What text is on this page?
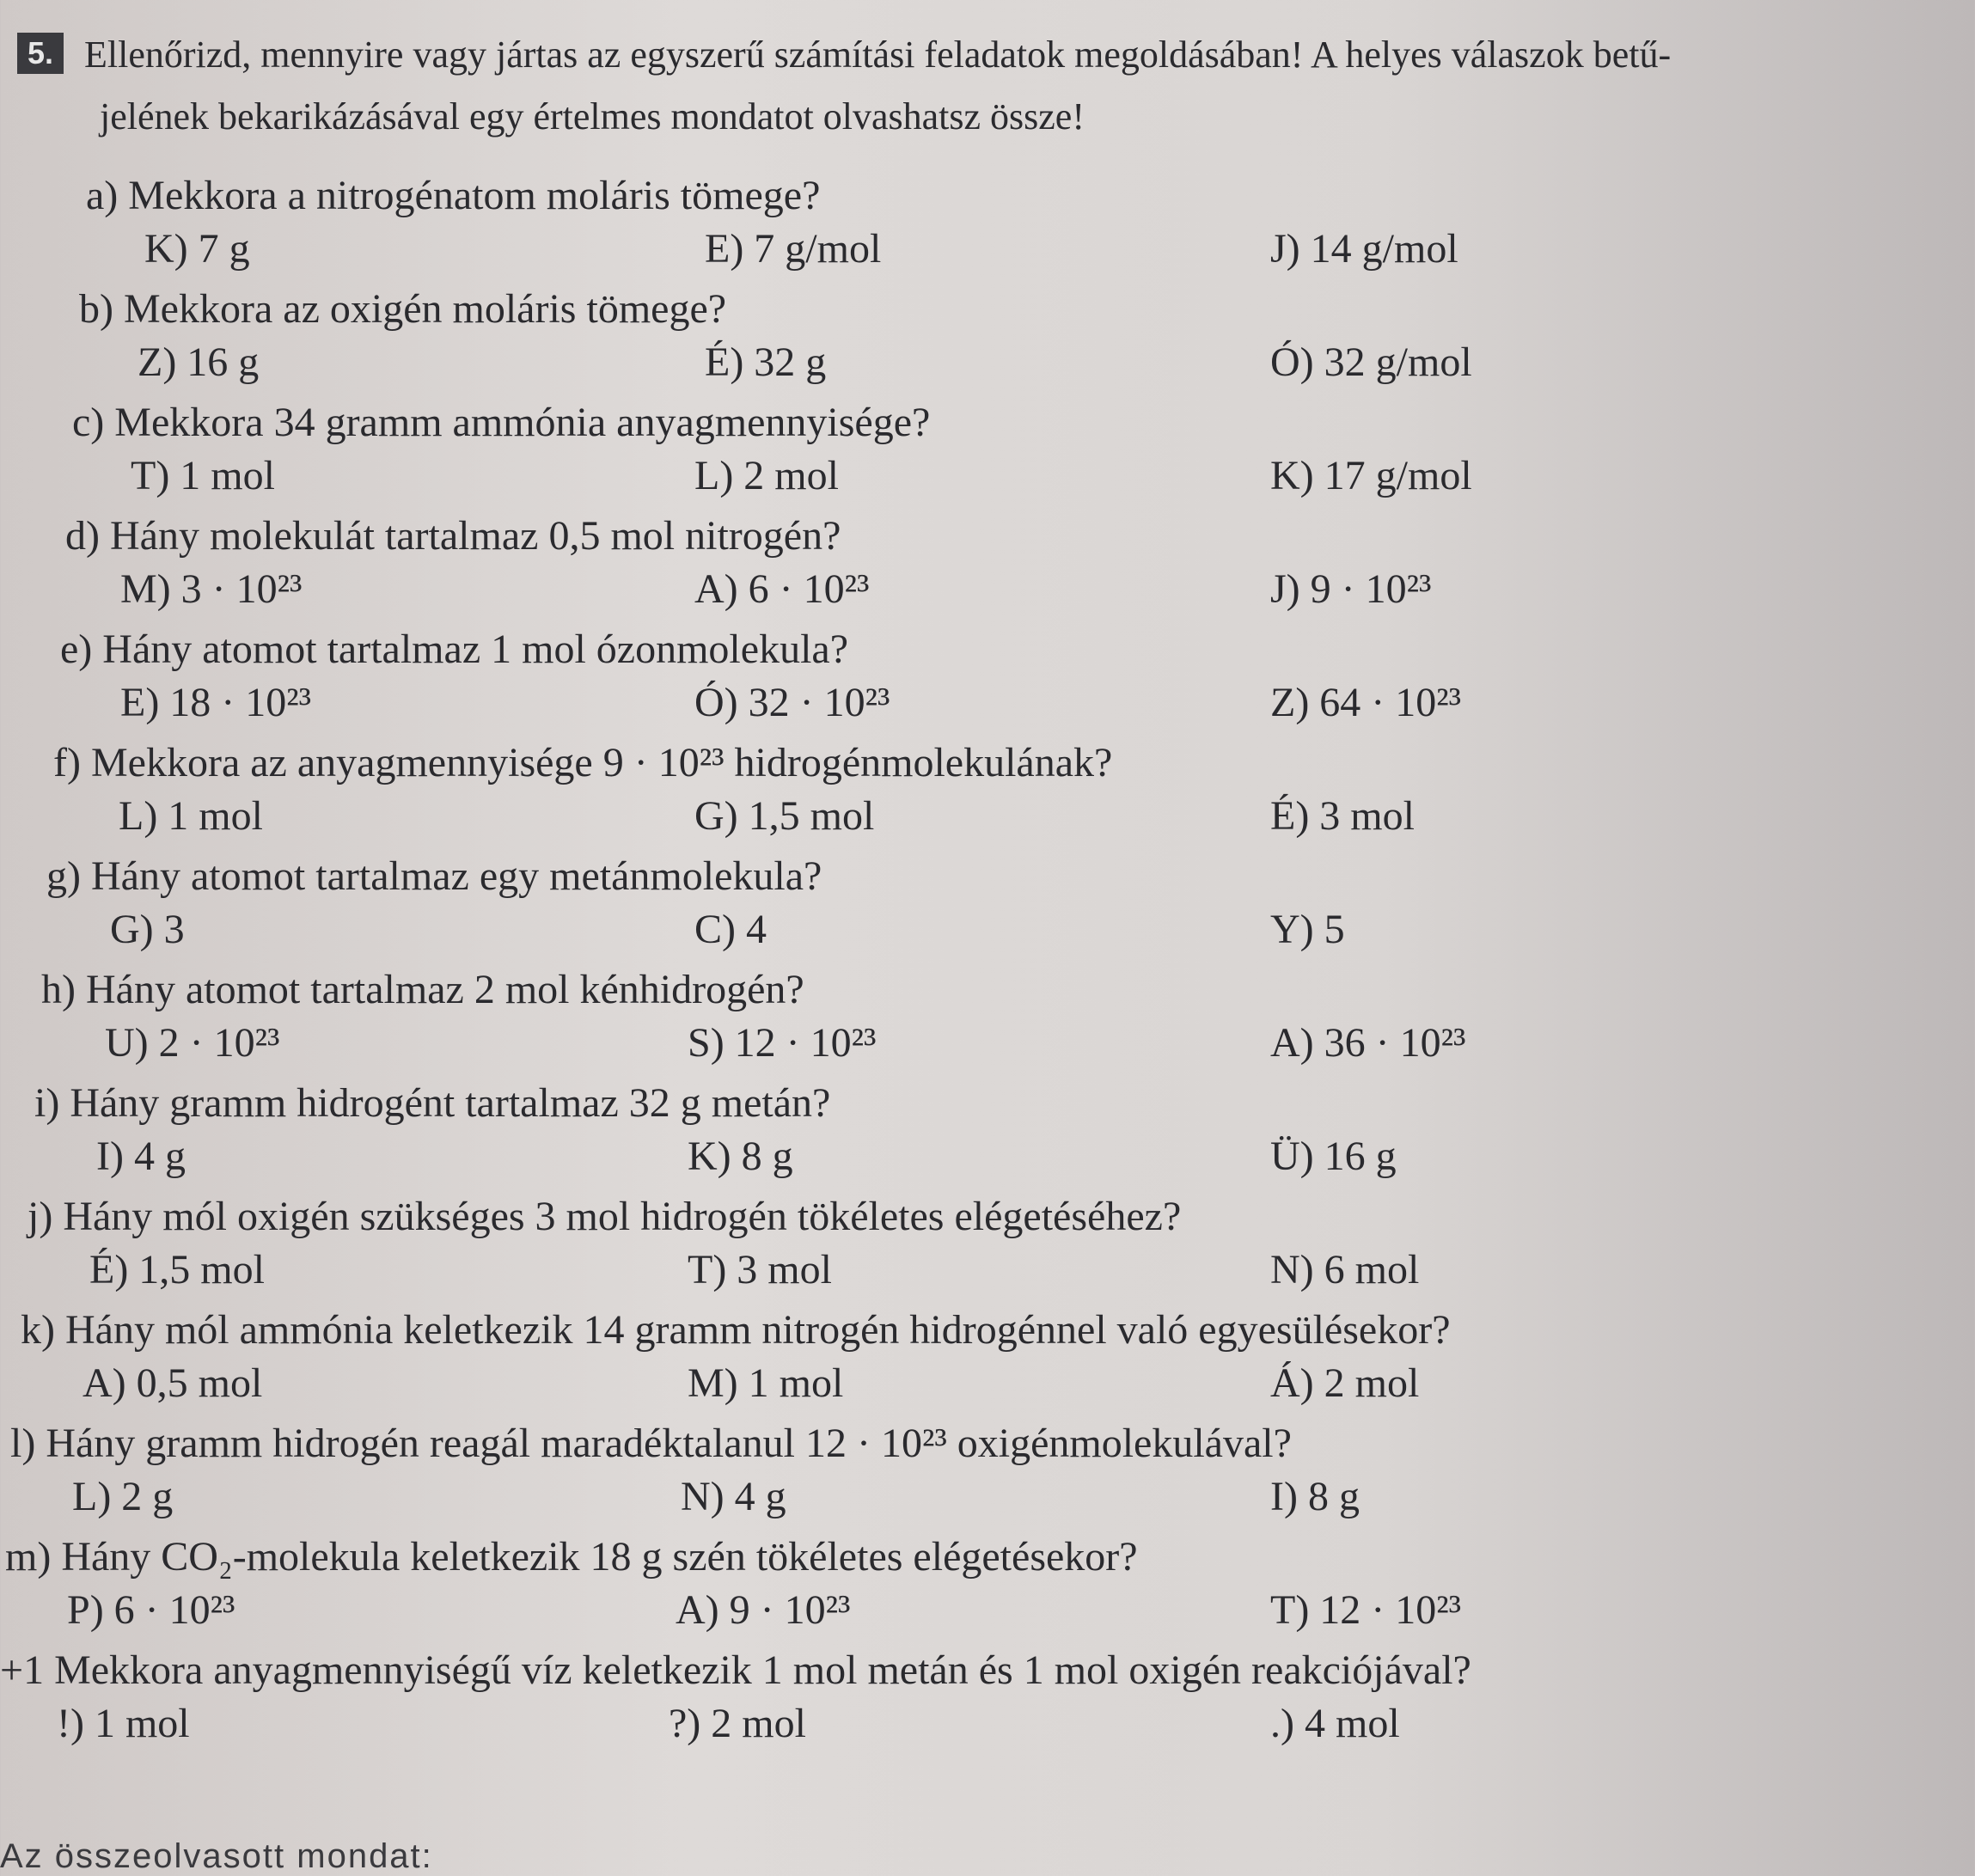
5. Ellenőrizd, mennyire vagy jártas az egyszerű számítási feladatok megoldásában! A helyes válaszok betű-
jelének bekarikázásával egy értelmes mondatot olvashatsz össze!
a) Mekkora a nitrogénatom moláris tömege?
K) 7 g	E) 7 g/mol	J) 14 g/mol
b) Mekkora az oxigén moláris tömege?
Z) 16 g	É) 32 g	Ó) 32 g/mol
c) Mekkora 34 gramm ammónia anyagmennyisége?
T) 1 mol	L) 2 mol	K) 17 g/mol
d) Hány molekulát tartalmaz 0,5 mol nitrogén?
M) 3 · 10²³	A) 6 · 10²³	J) 9 · 10²³
e) Hány atomot tartalmaz 1 mol ózonmolekula?
E) 18 · 10²³	Ó) 32 · 10²³	Z) 64 · 10²³
f) Mekkora az anyagmennyisége 9 · 10²³ hidrogénmolekulának?
L) 1 mol	G) 1,5 mol	É) 3 mol
g) Hány atomot tartalmaz egy metánmolekula?
G) 3	C) 4	Y) 5
h) Hány atomot tartalmaz 2 mol kénhidrogén?
U) 2 · 10²³	S) 12 · 10²³	A) 36 · 10²³
i) Hány gramm hidrogént tartalmaz 32 g metán?
I) 4 g	K) 8 g	Ü) 16 g
j) Hány mól oxigén szükséges 3 mol hidrogén tökéletes elégetéséhez?
É) 1,5 mol	T) 3 mol	N) 6 mol
k) Hány mól ammónia keletkezik 14 gramm nitrogén hidrogénnel való egyesülésekor?
A) 0,5 mol	M) 1 mol	Á) 2 mol
l) Hány gramm hidrogén reagál maradéktalanul 12 · 10²³ oxigénmolekulával?
L) 2 g	N) 4 g	I) 8 g
m) Hány CO₂-molekula keletkezik 18 g szén tökéletes elégetésekor?
P) 6 · 10²³	A) 9 · 10²³	T) 12 · 10²³
+1 Mekkora anyagmennyiségű víz keletkezik 1 mol metán és 1 mol oxigén reakciójával?
!) 1 mol	?) 2 mol	.) 4 mol
Az összeolvasott mondat:
